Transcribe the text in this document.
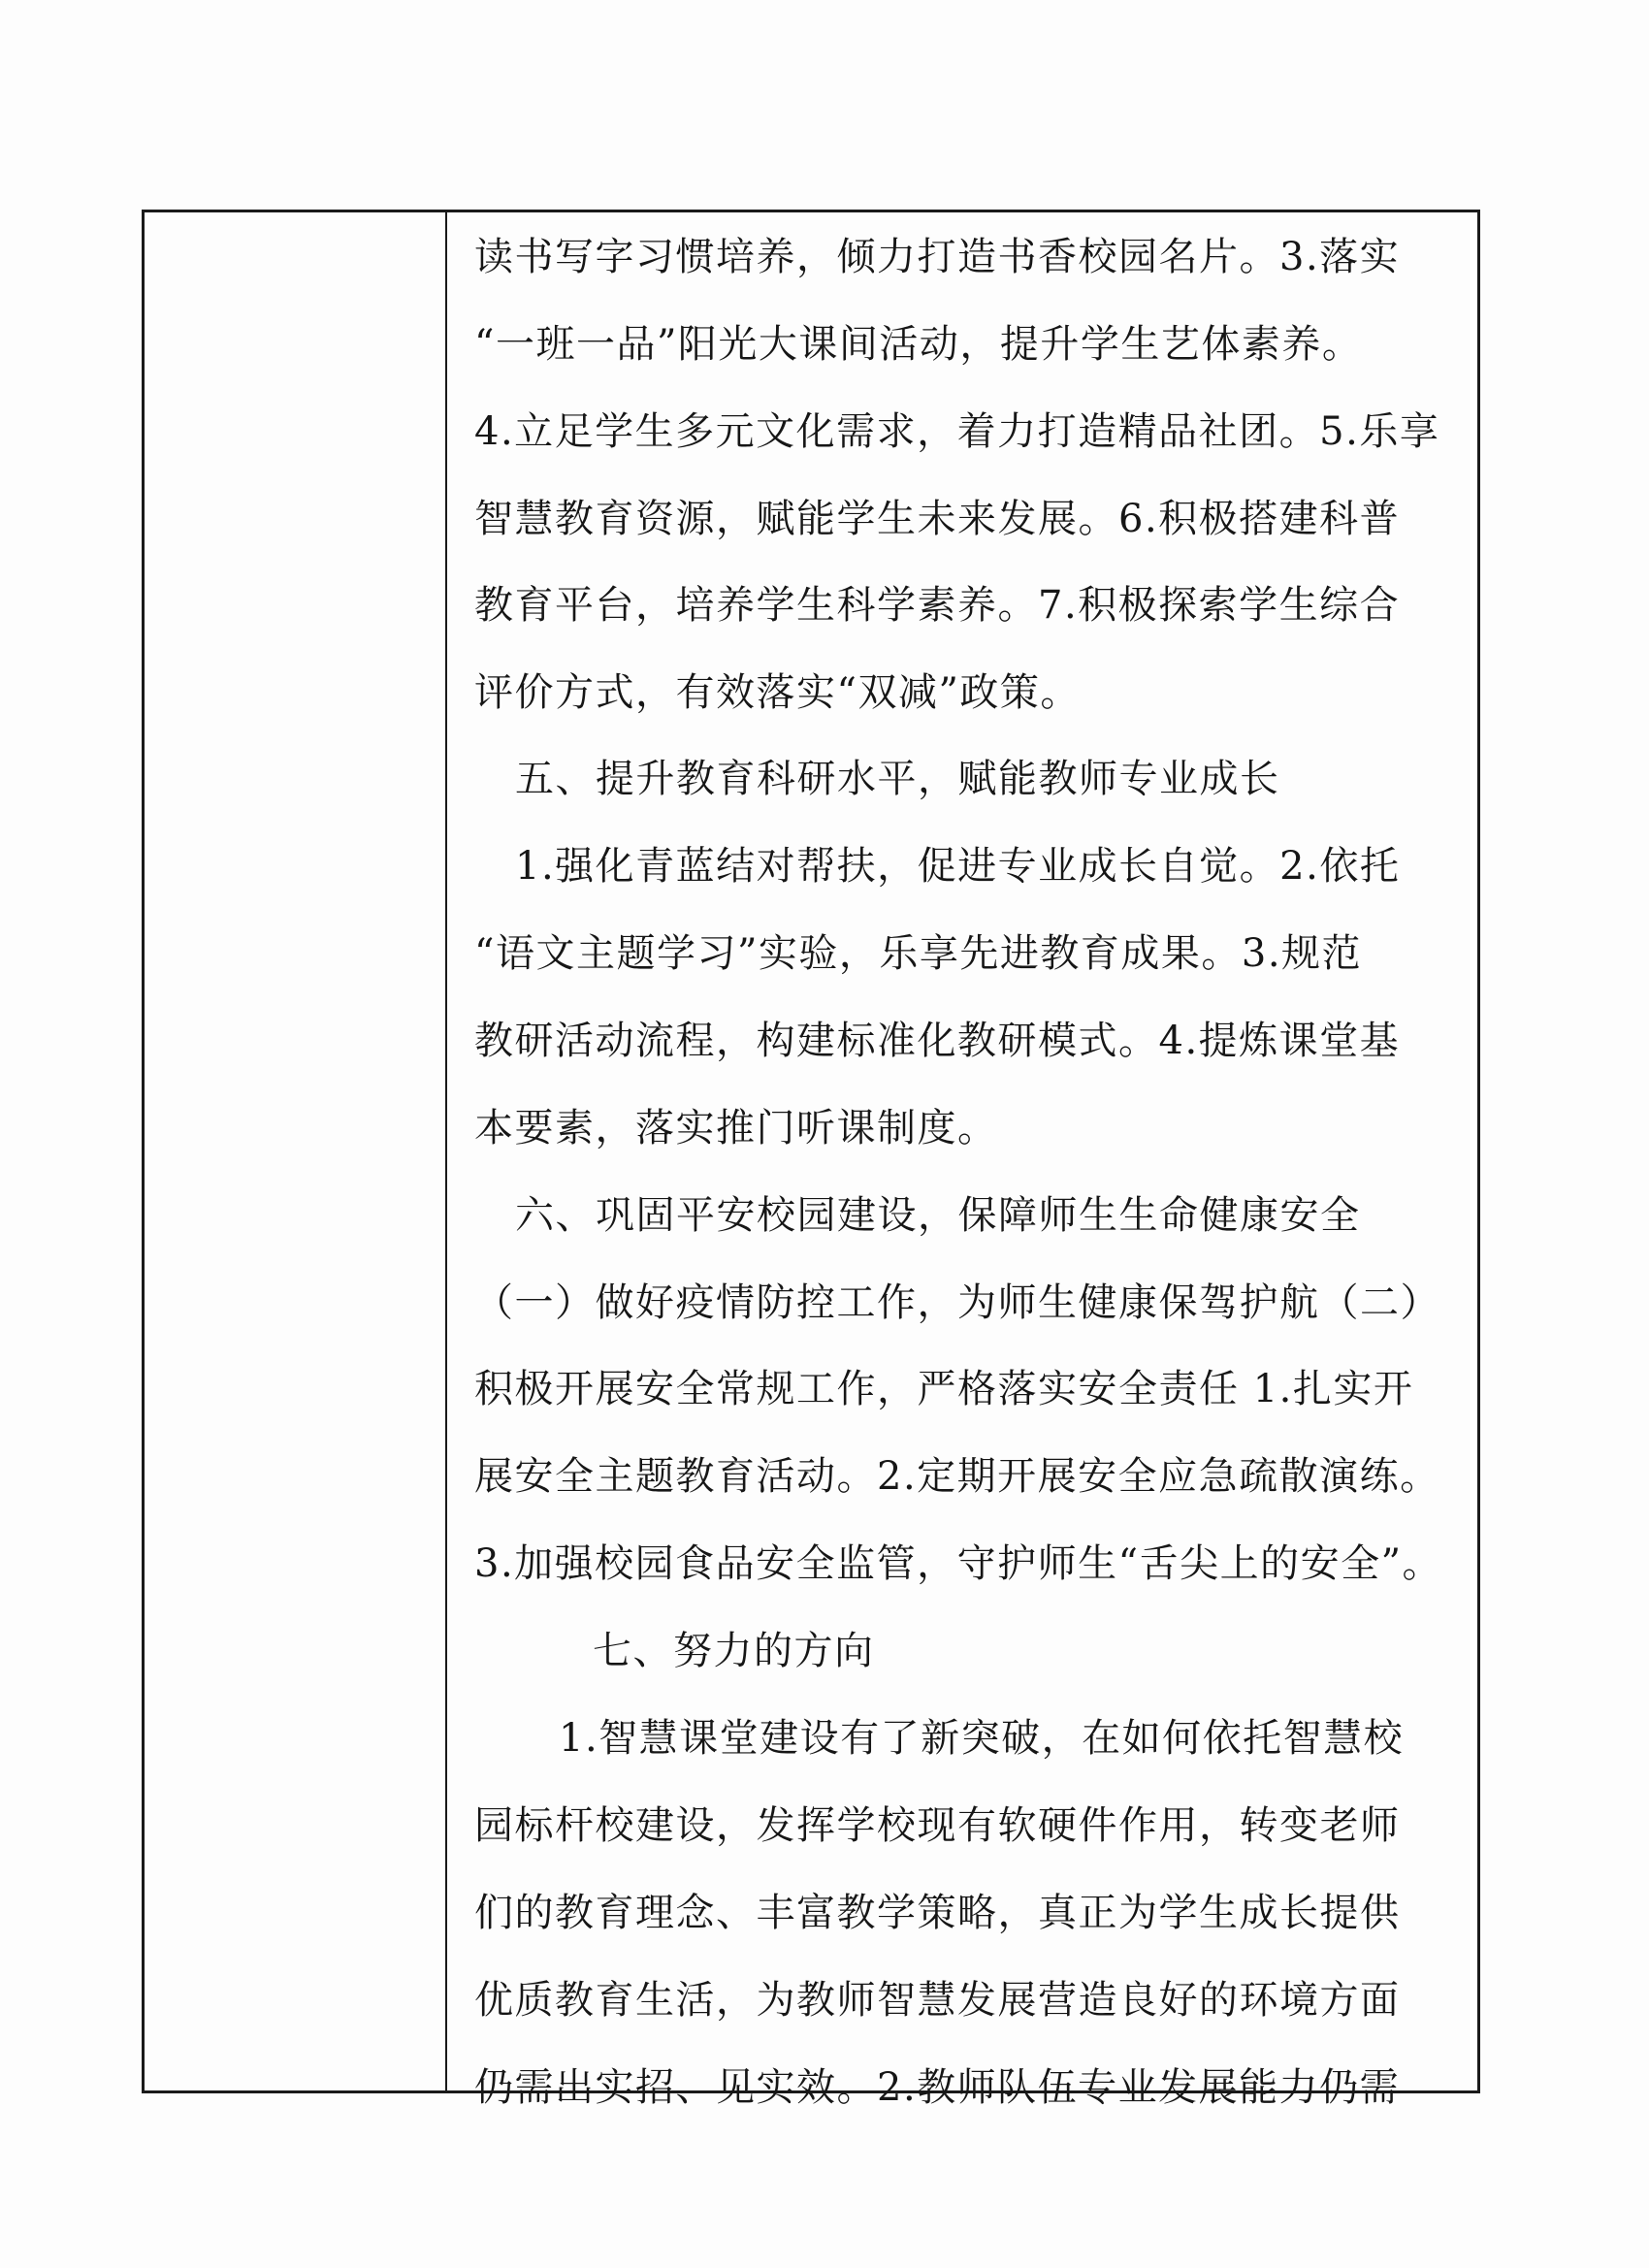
读书写字习惯培养，倾力打造书香校园名片。3.落实
“一班一品”阳光大课间活动，提升学生艺体素养。
4.立足学生多元文化需求，着力打造精品社团。5.乐享
智慧教育资源，赋能学生未来发展。6.积极搭建科普
教育平台，培养学生科学素养。7.积极探索学生综合
评价方式，有效落实“双减”政策。
五、提升教育科研水平，赋能教师专业成长
1.强化青蓝结对帮扶，促进专业成长自觉。2.依托
“语文主题学习”实验，乐享先进教育成果。3.规范
教研活动流程，构建标准化教研模式。4.提炼课堂基
本要素，落实推门听课制度。
六、巩固平安校园建设，保障师生生命健康安全
（一）做好疫情防控工作，为师生健康保驾护航（二）
积极开展安全常规工作，严格落实安全责任 1.扎实开
展安全主题教育活动。2.定期开展安全应急疏散演练。
3.加强校园食品安全监管，守护师生“舌尖上的安全”。
七、努力的方向
1.智慧课堂建设有了新突破，在如何依托智慧校
园标杆校建设，发挥学校现有软硬件作用，转变老师
们的教育理念、丰富教学策略，真正为学生成长提供
优质教育生活，为教师智慧发展营造良好的环境方面
仍需出实招、见实效。2.教师队伍专业发展能力仍需
